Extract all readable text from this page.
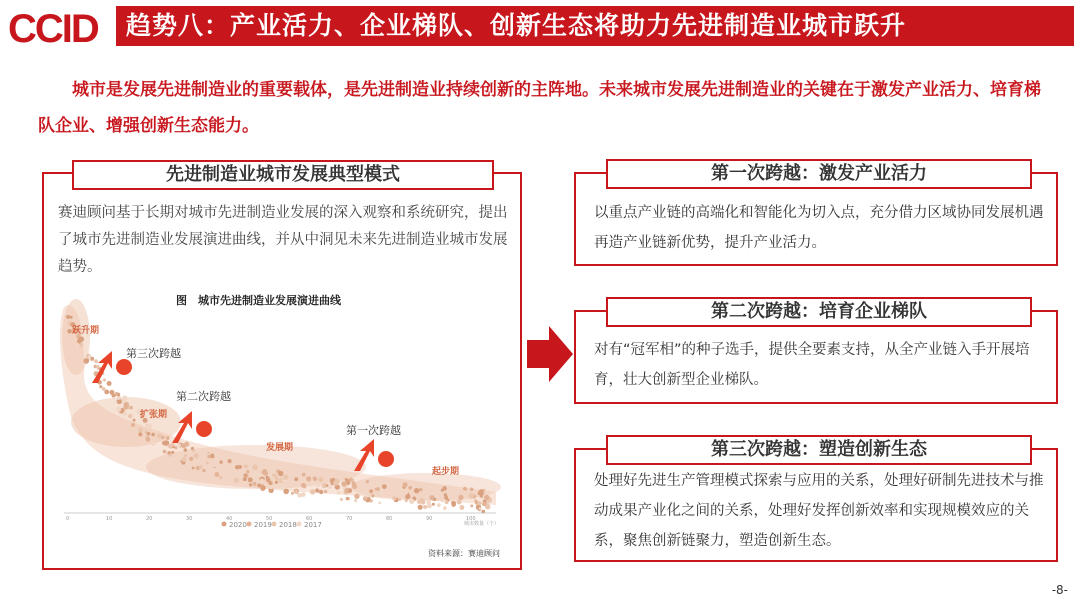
CCID	趋势八：产业活力、企业梯队、创新生态将助力先进制造业城市跃升
城市是发展先进制造业的重要载体，是先进制造业持续创新的主阵地。未来城市发展先进制造业的关键在于激发产业活力、培育梯队企业、增强创新生态能力。
先进制造业城市发展典型模式
赛迪顾问基于长期对城市先进制造业发展的深入观察和系统研究，提出了城市先进制造业发展演进曲线，并从中洞见未来先进制造业城市发展趋势。
图　城市先进制造业发展演进曲线
跃升期
扩张期
发展期
起步期
第三次跨越
第二次跨越
第一次跨越
0	10	20	30	40	50	60	70	80	90	100
城市数量（个）
2020 2019 2018 2017
资料来源：赛迪顾问
第一次跨越：激发产业活力
以重点产业链的高端化和智能化为切入点，充分借力区域协同发展机遇再造产业链新优势，提升产业活力。
第二次跨越：培育企业梯队
对有“冠军相”的种子选手，提供全要素支持，从全产业链入手开展培育，壮大创新型企业梯队。
第三次跨越：塑造创新生态
处理好先进生产管理模式探索与应用的关系，处理好研制先进技术与推动成果产业化之间的关系，处理好发挥创新效率和实现规模效应的关系，聚焦创新链聚力，塑造创新生态。
-8-
